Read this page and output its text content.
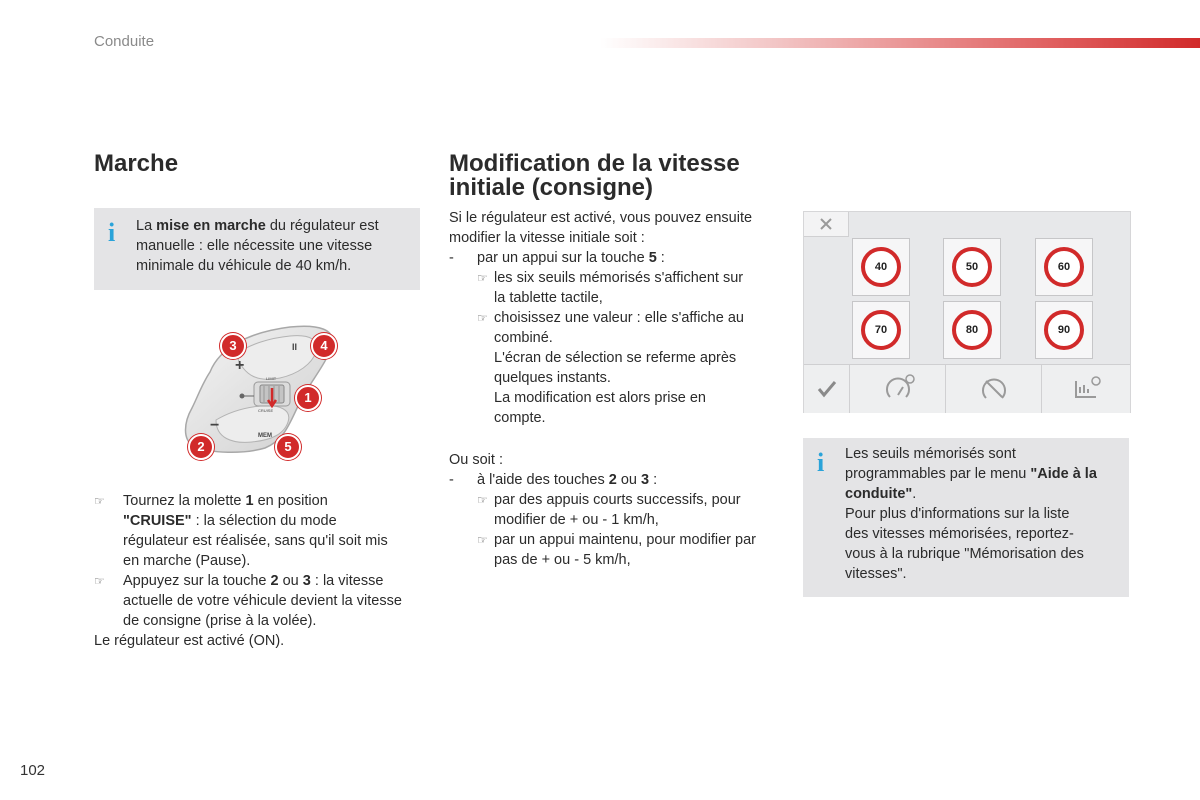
Conduite
Marche
i La mise en marche du régulateur est
manuelle : elle nécessite une vitesse
minimale du véhicule de 40 km/h.
+
−
II
MEM
LIMIT
CRUISE
3	4
1
2	5
☞ Tournez la molette 1 en position
"CRUISE" : la sélection du mode
régulateur est réalisée, sans qu'il soit mis
en marche (Pause).
☞ Appuyez sur la touche 2 ou 3 : la vitesse
actuelle de votre véhicule devient la vitesse
de consigne (prise à la volée).
Le régulateur est activé (ON).
Modification de la vitesse
initiale (consigne)
Si le régulateur est activé, vous pouvez ensuite
modifier la vitesse initiale soit :
- par un appui sur la touche 5 :
☞ les six seuils mémorisés s'affichent sur
la tablette tactile,
☞ choisissez une valeur : elle s'affiche au
combiné.
L'écran de sélection se referme après
quelques instants.
La modification est alors prise en
compte.
Ou soit :
- à l'aide des touches 2 ou 3 :
☞ par des appuis courts successifs, pour
modifier de + ou - 1 km/h,
☞ par un appui maintenu, pour modifier par
pas de + ou - 5 km/h,
40	50	60
70	80	90
i Les seuils mémorisés sont
programmables par le menu "Aide à la
conduite".
Pour plus d'informations sur la liste
des vitesses mémorisées, reportez-
vous à la rubrique "Mémorisation des
vitesses".
102
